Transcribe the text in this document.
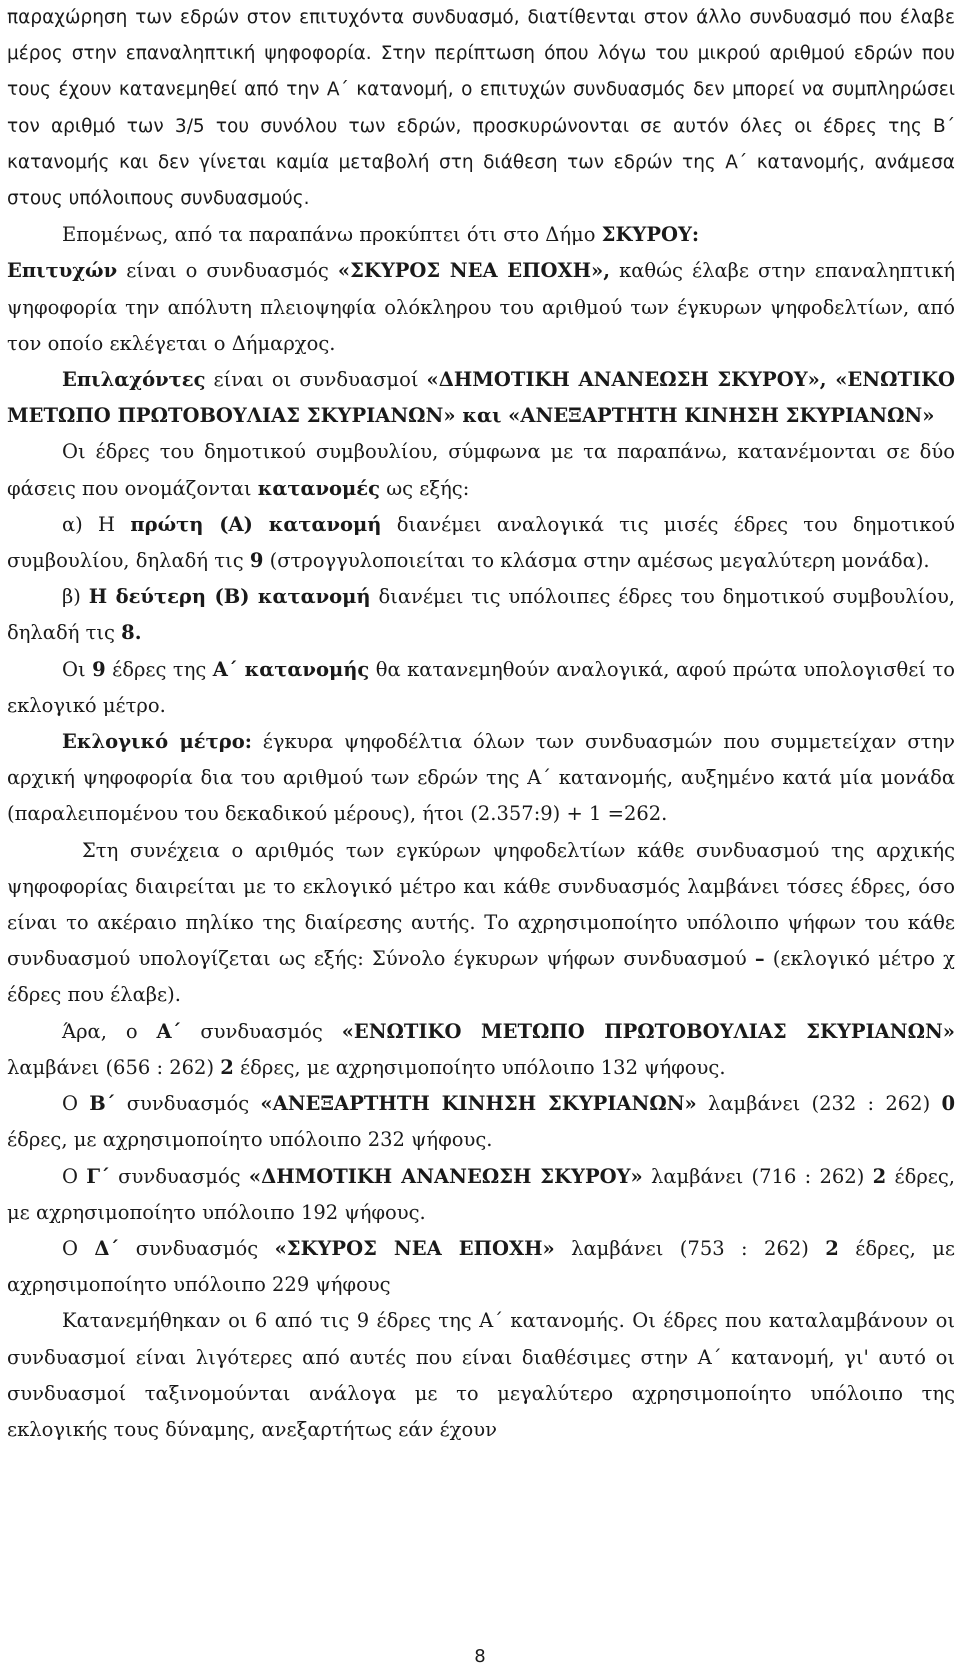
παραχώρηση των εδρών στον επιτυχόντα συνδυασμό, διατίθενται στον άλλο συνδυασμό που έλαβε μέρος στην επαναληπτική ψηφοφορία. Στην περίπτωση όπου λόγω του μικρού αριθμού εδρών που τους έχουν κατανεμηθεί από την Α΄ κατανομή, ο επιτυχών συνδυασμός δεν μπορεί να συμπληρώσει τον αριθμό των 3/5 του συνόλου των εδρών, προσκυρώνονται σε αυτόν όλες οι έδρες της Β΄ κατανομής και δεν γίνεται καμία μεταβολή στη διάθεση των εδρών της Α΄ κατανομής, ανάμεσα στους υπόλοιπους συνδυασμούς.

Επομένως, από τα παραπάνω προκύπτει ότι στο Δήμο ΣΚΥΡΟΥ:

Επιτυχών είναι ο συνδυασμός «ΣΚΥΡΟΣ ΝΕΑ ΕΠΟΧΗ», καθώς έλαβε στην επαναληπτική ψηφοφορία την απόλυτη πλειοψηφία ολόκληρου του αριθμού των έγκυρων ψηφοδελτίων, από τον οποίο εκλέγεται ο Δήμαρχος.

Επιλαχόντες είναι οι συνδυασμοί «ΔΗΜΟΤΙΚΗ ΑΝΑΝΕΩΣΗ ΣΚΥΡΟΥ», «ΕΝΩΤΙΚΟ ΜΕΤΩΠΟ ΠΡΩΤΟΒΟΥΛΙΑΣ ΣΚΥΡΙΑΝΩΝ» και «ΑΝΕΞΑΡΤΗΤΗ ΚΙΝΗΣΗ ΣΚΥΡΙΑΝΩΝ»

Οι έδρες του δημοτικού συμβουλίου, σύμφωνα με τα παραπάνω, κατανέμονται σε δύο φάσεις που ονομάζονται κατανομές ως εξής:

α) Η πρώτη (Α) κατανομή διανέμει αναλογικά τις μισές έδρες του δημοτικού συμβουλίου, δηλαδή τις 9 (στρογγυλοποιείται το κλάσμα στην αμέσως μεγαλύτερη μονάδα).

β) Η δεύτερη (Β) κατανομή διανέμει τις υπόλοιπες έδρες του δημοτικού συμβουλίου, δηλαδή τις 8.

Οι 9 έδρες της Α΄ κατανομής θα κατανεμηθούν αναλογικά, αφού πρώτα υπολογισθεί το εκλογικό μέτρο.

Εκλογικό μέτρο: έγκυρα ψηφοδέλτια όλων των συνδυασμών που συμμετείχαν στην αρχική ψηφοφορία δια του αριθμού των εδρών της Α΄ κατανομής, αυξημένο κατά μία μονάδα (παραλειπομένου του δεκαδικού μέρους), ήτοι (2.357:9) + 1 =262.

Στη συνέχεια ο αριθμός των εγκύρων ψηφοδελτίων κάθε συνδυασμού της αρχικής ψηφοφορίας διαιρείται με το εκλογικό μέτρο και κάθε συνδυασμός λαμβάνει τόσες έδρες, όσο είναι το ακέραιο πηλίκο της διαίρεσης αυτής. Το αχρησιμοποίητο υπόλοιπο ψήφων του κάθε συνδυασμού υπολογίζεται ως εξής: Σύνολο έγκυρων ψήφων συνδυασμού – (εκλογικό μέτρο χ έδρες που έλαβε).

Άρα, ο Α΄ συνδυασμός «ΕΝΩΤΙΚΟ ΜΕΤΩΠΟ ΠΡΩΤΟΒΟΥΛΙΑΣ ΣΚΥΡΙΑΝΩΝ» λαμβάνει (656 : 262) 2 έδρες, με αχρησιμοποίητο υπόλοιπο 132 ψήφους.

Ο Β΄ συνδυασμός «ΑΝΕΞΑΡΤΗΤΗ ΚΙΝΗΣΗ ΣΚΥΡΙΑΝΩΝ» λαμβάνει (232 : 262) 0 έδρες, με αχρησιμοποίητο υπόλοιπο 232 ψήφους.

Ο Γ΄ συνδυασμός «ΔΗΜΟΤΙΚΗ ΑΝΑΝΕΩΣΗ ΣΚΥΡΟΥ» λαμβάνει (716 : 262) 2 έδρες, με αχρησιμοποίητο υπόλοιπο 192 ψήφους.

Ο Δ΄ συνδυασμός «ΣΚΥΡΟΣ ΝΕΑ ΕΠΟΧΗ» λαμβάνει (753 : 262) 2 έδρες, με αχρησιμοποίητο υπόλοιπο 229 ψήφους

Κατανεμήθηκαν οι 6 από τις 9 έδρες της Α΄ κατανομής. Οι έδρες που καταλαμβάνουν οι συνδυασμοί είναι λιγότερες από αυτές που είναι διαθέσιμες στην Α΄ κατανομή, γι' αυτό οι συνδυασμοί ταξινομούνται ανάλογα με το μεγαλύτερο αχρησιμοποίητο υπόλοιπο της εκλογικής τους δύναμης, ανεξαρτήτως εάν έχουν

8
